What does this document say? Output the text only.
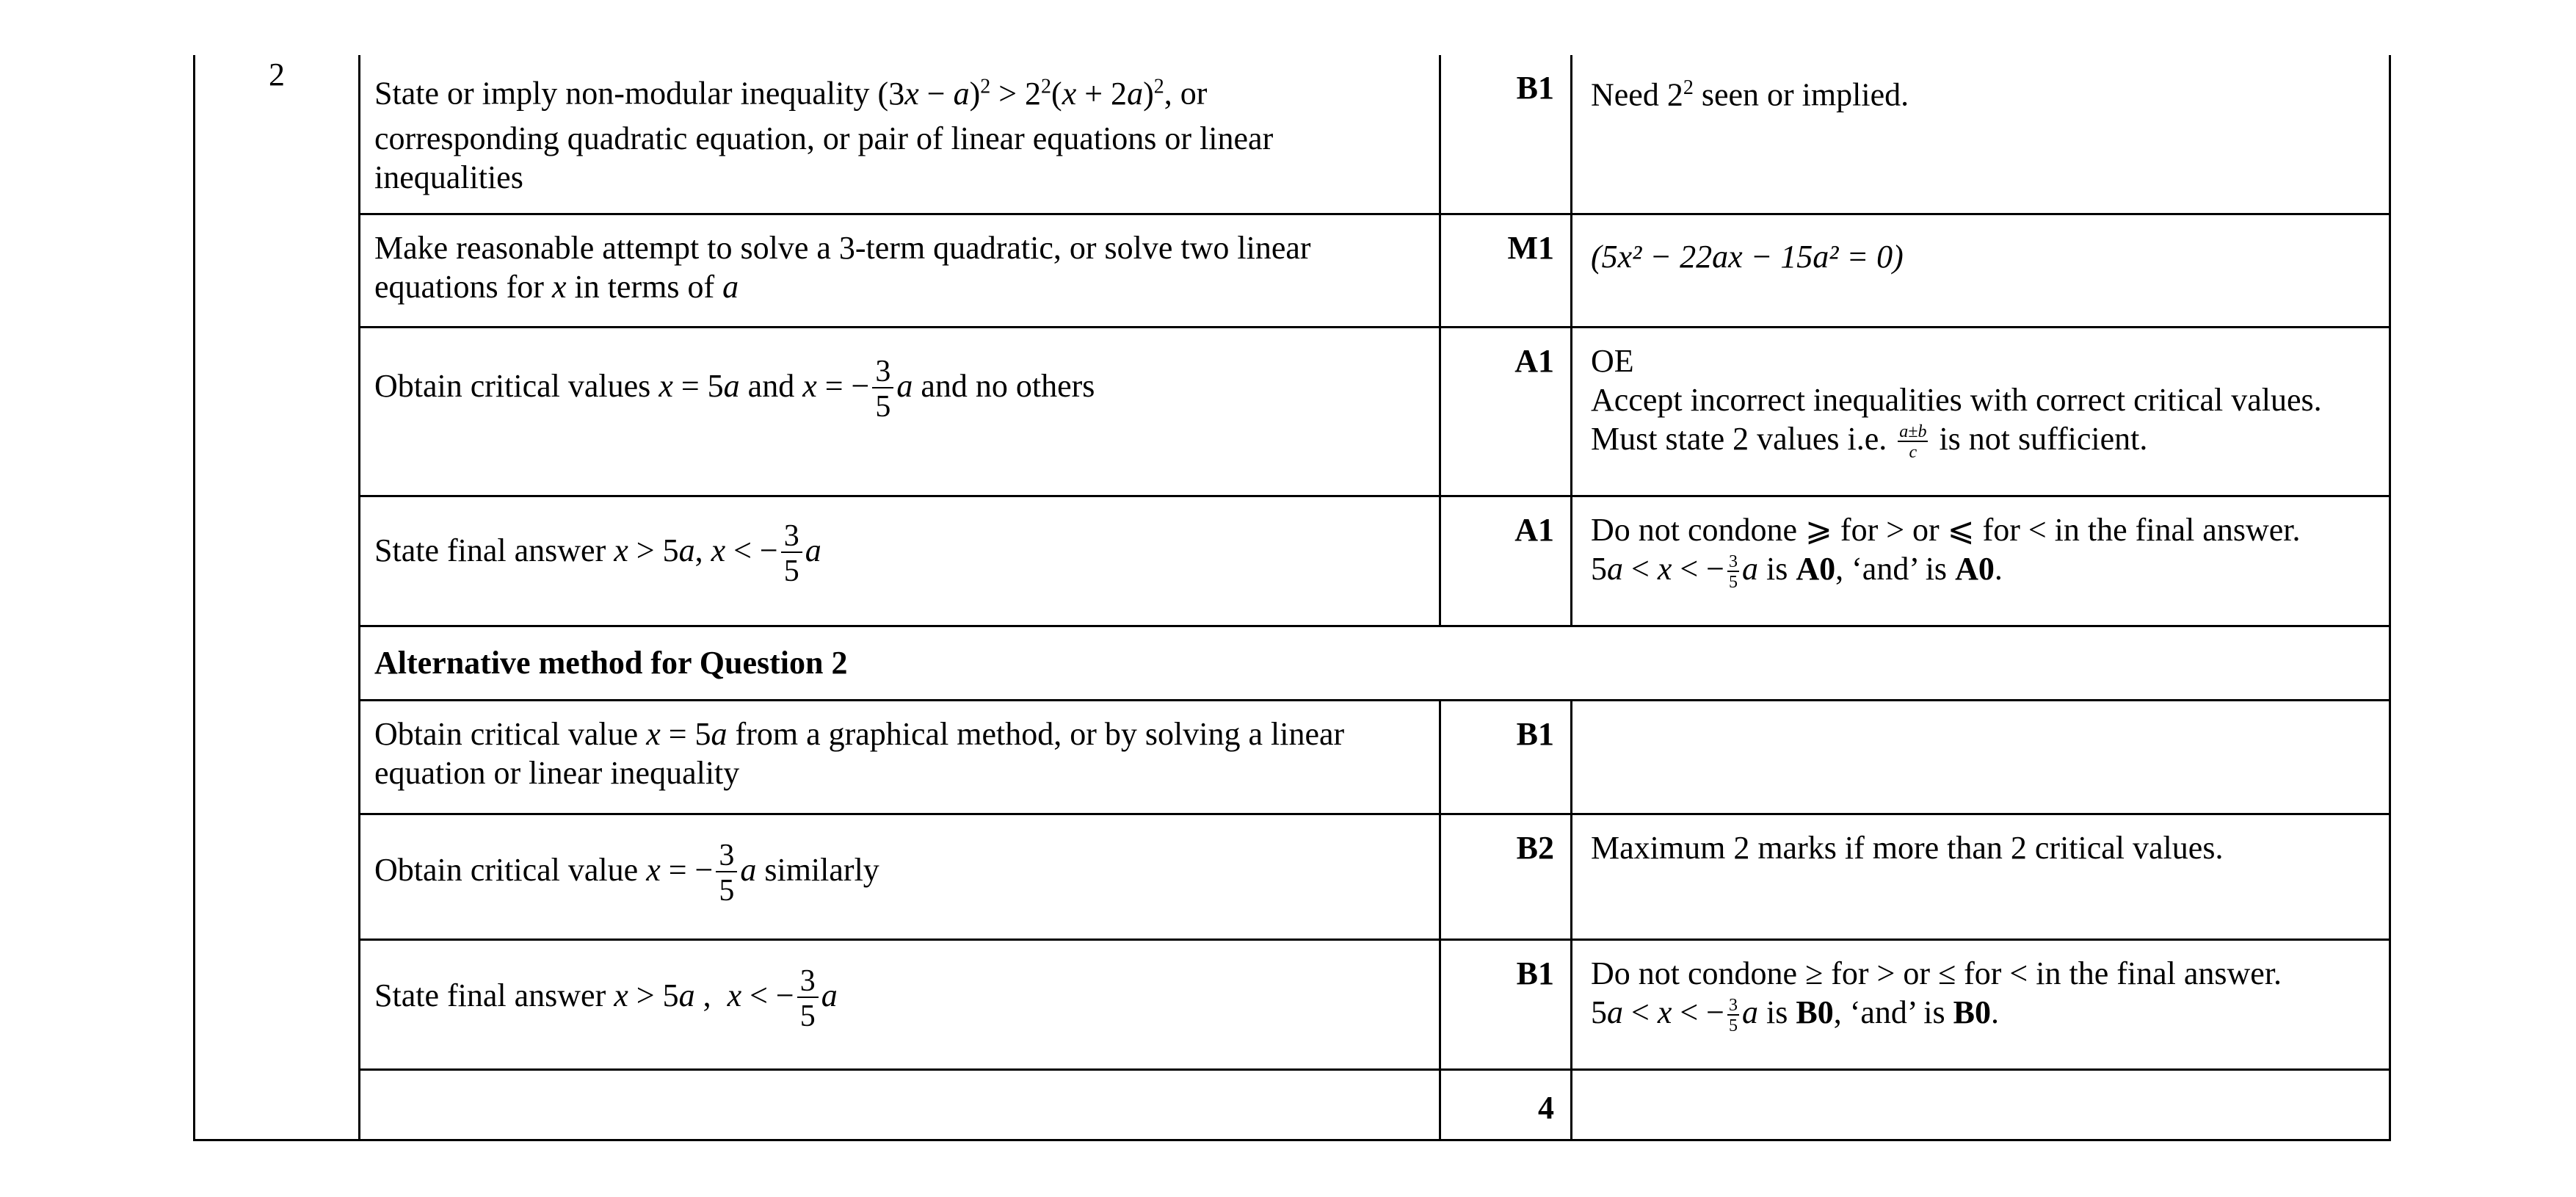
2
State or imply non-modular inequality $(3x - a)^2 > 2^2(x + 2a)^2$, or
corresponding quadratic equation, or pair of linear equations or linear
inequalities
B1	Need $2^2$ seen or implied.
Make reasonable attempt to solve a 3-term quadratic, or solve two linear
equations for x in terms of a
M1	(5x² − 22ax − 15a² = 0)
Obtain critical values x = 5a and x = − $\frac{3}{5}$ a and no others
A1	OE
Accept incorrect inequalities with correct critical values.
Must state 2 values i.e. $\frac{a\pm b}{c}$ is not sufficient.
State final answer x > 5a, x < − $\frac{3}{5}$ a
A1	Do not condone ⩾ for > or ⩽ for < in the final answer.
5a < x < − $\frac{3}{5}$ a is A0, ‘and’ is A0.
Alternative method for Question 2
Obtain critical value x = 5a from a graphical method, or by solving a linear
equation or linear inequality
B1
Obtain critical value x = − $\frac{3}{5}$ a similarly
B2	Maximum 2 marks if more than 2 critical values.
State final answer x > 5a ,  x < − $\frac{3}{5}$ a
B1	Do not condone ≥ for > or ≤ for < in the final answer.
5a < x < − $\frac{3}{5}$ a is B0, ‘and’ is B0.
4
